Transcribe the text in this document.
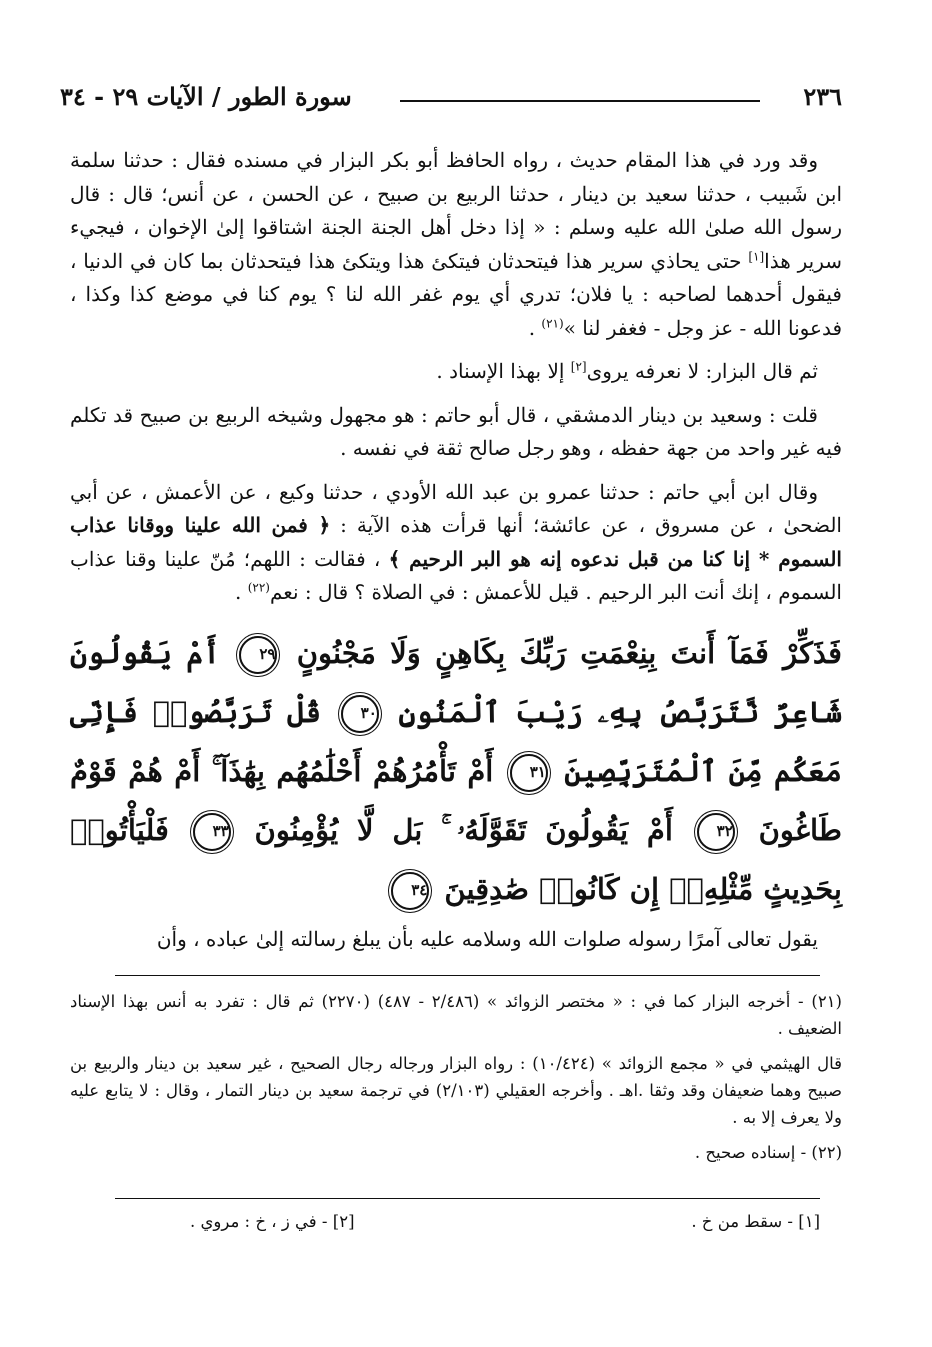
٢٣٦
سورة الطور / الآيات ٢٩ - ٣٤

وقد ورد في هذا المقام حديث ، رواه الحافظ أبو بكر البزار في مسنده فقال : حدثنا سلمة ابن شَبيب ، حدثنا سعيد بن دينار ، حدثنا الربيع بن صبيح ، عن الحسن ، عن أنس؛ قال : قال رسول الله صلىٰ الله عليه وسلم : « إذا دخل أهل الجنة الجنة اشتاقوا إلىٰ الإخوان ، فيجيء سرير هذا[١] حتى يحاذي سرير هذا فيتحدثان فيتكئ هذا ويتكئ هذا فيتحدثان بما كان في الدنيا ، فيقول أحدهما لصاحبه : يا فلان؛ تدري أي يوم غفر الله لنا ؟ يوم كنا في موضع كذا وكذا ، فدعونا الله - عز وجل - فغفر لنا »$^{(٢١)}$ .

ثم قال البزار: لا نعرفه يروى[٢] إلا بهذا الإسناد .

قلت : وسعيد بن دينار الدمشقي ، قال أبو حاتم : هو مجهول وشيخه الربيع بن صبيح قد تكلم فيه غير واحد من جهة حفظه ، وهو رجل صالح ثقة في نفسه .

وقال ابن أبي حاتم : حدثنا عمرو بن عبد الله الأودي ، حدثنا وكيع ، عن الأعمش ، عن أبي الضحىٰ ، عن مسروق ، عن عائشة؛ أنها قرأت هذه الآية : ﴿ فمن الله علينا ووقانا عذاب السموم * إنا كنا من قبل ندعوه إنه هو البر الرحيم ﴾ ، فقالت : اللهم؛ مُنّ علينا وقنا عذاب السموم ، إنك أنت البر الرحيم . قيل للأعمش : في الصلاة ؟ قال : نعم$^{(٢٢)}$ .

فَذَكِّرْ فَمَآ أَنتَ بِنِعْمَتِ رَبِّكَ بِكَاهِنٍ وَلَا مَجْنُونٍ ٢٩ أَمْ يَقُولُونَ شَاعِرٌ نَّتَرَبَّصُ بِهِۦ رَيْبَ ٱلْمَنُونِ ٣٠ قُلْ تَرَبَّصُوا۟ فَإِنِّى مَعَكُم مِّنَ ٱلْمُتَرَبِّصِينَ ٣١ أَمْ تَأْمُرُهُمْ أَحْلَٰمُهُم بِهَٰذَآ ۚ أَمْ هُمْ قَوْمٌ طَاغُونَ ٣٢ أَمْ يَقُولُونَ تَقَوَّلَهُۥ ۚ بَل لَّا يُؤْمِنُونَ ٣٣ فَلْيَأْتُوا۟ بِحَدِيثٍ مِّثْلِهِۦٓ إِن كَانُوا۟ صَٰدِقِينَ ٣٤

يقول تعالى آمرًا رسوله صلوات الله وسلامه عليه بأن يبلغ رسالته إلىٰ عباده ، وأن

(٢١) - أخرجه البزار كما في : « مختصر الزوائد » (٢/٤٨٦ - ٤٨٧) (٢٢٧٠) ثم قال : تفرد به أنس بهذا الإسناد الضعيف .

قال الهيثمي في « مجمع الزوائد » (١٠/٤٢٤) : رواه البزار ورجاله رجال الصحيح ، غير سعيد بن دينار والربيع بن صبيح وهما ضعيفان وقد وثقا .اهـ . وأخرجه العقيلي (٢/١٠٣) في ترجمة سعيد بن دينار التمار ، وقال : لا يتابع عليه ولا يعرف إلا به .

(٢٢) - إسناده صحيح .

[١] - سقط من خ .
[٢] - في ز ، خ : مروي .
